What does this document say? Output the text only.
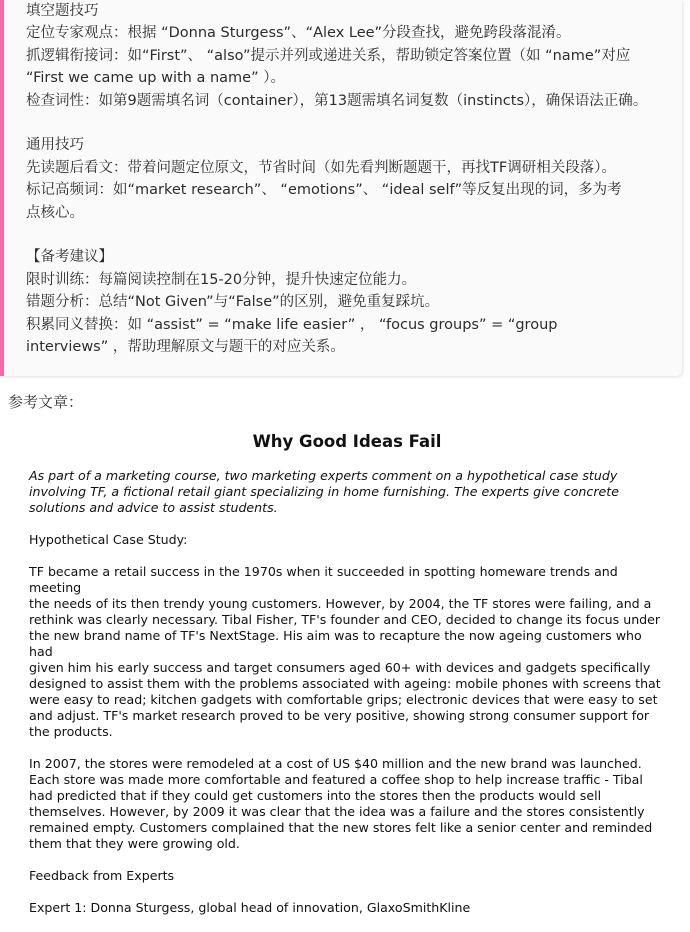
填空题技巧

定位专家观点：根据 “Donna Sturgess”、“Alex Lee”分段查找，避免跨段落混淆。

抓逻辑衔接词：如“First”、 “also”提示并列或递进关系，帮助锁定答案位置（如 “name”对应

“First we came up with a name” ）。

检查词性：如第9题需填名词（container），第13题需填名词复数（instincts），确保语法正确。

通用技巧

先读题后看文：带着问题定位原文，节省时间（如先看判断题题干，再找TF调研相关段落）。

标记高频词：如“market research”、 “emotions”、 “ideal self”等反复出现的词，多为考

点核心。

【备考建议】

限时训练：每篇阅读控制在15-20分钟，提升快速定位能力。

错题分析：总结“Not Given”与“False”的区别，避免重复踩坑。

积累同义替换：如 “assist” = “make life easier” ， “focus groups” = “group

interviews” ，帮助理解原文与题干的对应关系。

参考文章：
Why Good Ideas Fail

As part of a marketing course, two marketing experts comment on a hypothetical case study
involving TF, a fictional retail giant specializing in home furnishing. The experts give concrete
solutions and advice to assist students.

Hypothetical Case Study:

TF became a retail success in the 1970s when it succeeded in spotting homeware trends and meeting
the needs of its then trendy young customers. However, by 2004, the TF stores were failing, and a
rethink was clearly necessary. Tibal Fisher, TF's founder and CEO, decided to change its focus under
the new brand name of TF's NextStage. His aim was to recapture the now ageing customers who had
given him his early success and target consumers aged 60+ with devices and gadgets specifically
designed to assist them with the problems associated with ageing: mobile phones with screens that
were easy to read; kitchen gadgets with comfortable grips; electronic devices that were easy to set
and adjust. TF's market research proved to be very positive, showing strong consumer support for
the products.

In 2007, the stores were remodeled at a cost of US $40 million and the new brand was launched.
Each store was made more comfortable and featured a coffee shop to help increase traffic - Tibal
had predicted that if they could get customers into the stores then the products would sell
themselves. However, by 2009 it was clear that the idea was a failure and the stores consistently
remained empty. Customers complained that the new stores felt like a senior center and reminded
them that they were growing old.

Feedback from Experts

Expert 1: Donna Sturgess, global head of innovation, GlaxoSmithKline
